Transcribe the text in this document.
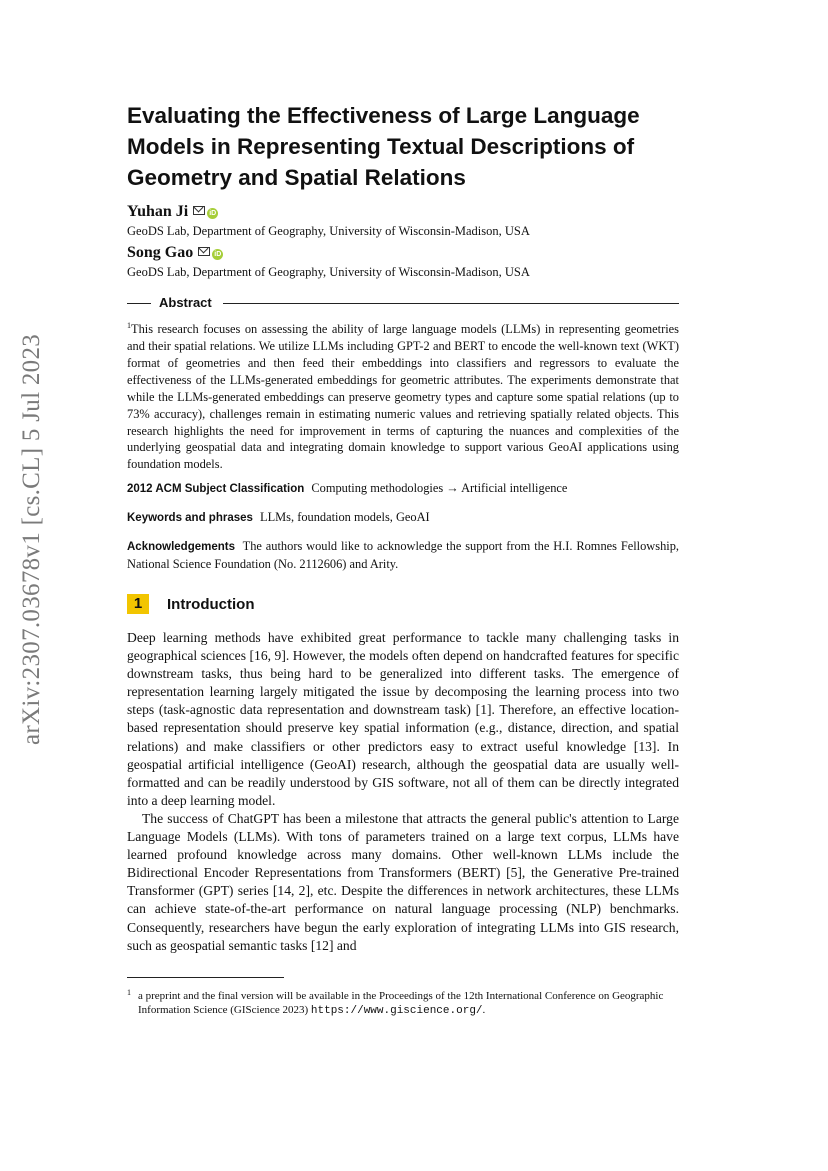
arXiv:2307.03678v1 [cs.CL] 5 Jul 2023
Evaluating the Effectiveness of Large Language Models in Representing Textual Descriptions of Geometry and Spatial Relations
Yuhan Ji	iD
GeoDS Lab, Department of Geography, University of Wisconsin-Madison, USA
Song Gao	iD
GeoDS Lab, Department of Geography, University of Wisconsin-Madison, USA
Abstract

$^1$This research focuses on assessing the ability of large language models (LLMs) in representing geometries and their spatial relations. We utilize LLMs including GPT-2 and BERT to encode the well-known text (WKT) format of geometries and then feed their embeddings into classifiers and regressors to evaluate the effectiveness of the LLMs-generated embeddings for geometric attributes. The experiments demonstrate that while the LLMs-generated embeddings can preserve geometry types and capture some spatial relations (up to 73% accuracy), challenges remain in estimating numeric values and retrieving spatially related objects. This research highlights the need for improvement in terms of capturing the nuances and complexities of the underlying geospatial data and integrating domain knowledge to support various GeoAI applications using foundation models.

2012 ACM Subject Classification Computing methodologies → Artificial intelligence

Keywords and phrases LLMs, foundation models, GeoAI

Acknowledgements The authors would like to acknowledge the support from the H.I. Romnes Fellowship, National Science Foundation (No. 2112606) and Arity.

1	Introduction

Deep learning methods have exhibited great performance to tackle many challenging tasks in geographical sciences [16, 9]. However, the models often depend on handcrafted features for specific downstream tasks, thus being hard to be generalized into different tasks. The emergence of representation learning largely mitigated the issue by decomposing the learning process into two steps (task-agnostic data representation and downstream task) [1]. Therefore, an effective location-based representation should preserve key spatial information (e.g., distance, direction, and spatial relations) and make classifiers or other predictors easy to extract useful knowledge [13]. In geospatial artificial intelligence (GeoAI) research, although the geospatial data are usually well-formatted and can be readily understood by GIS software, not all of them can be directly integrated into a deep learning model.

The success of ChatGPT has been a milestone that attracts the general public's attention to Large Language Models (LLMs). With tons of parameters trained on a large text corpus, LLMs have learned profound knowledge across many domains. Other well-known LLMs include the Bidirectional Encoder Representations from Transformers (BERT) [5], the Generative Pre-trained Transformer (GPT) series [14, 2], etc. Despite the differences in network architectures, these LLMs can achieve state-of-the-art performance on natural language processing (NLP) benchmarks. Consequently, researchers have begun the early exploration of integrating LLMs into GIS research, such as geospatial semantic tasks [12] and

1 a preprint and the final version will be available in the Proceedings of the 12th International Conference on Geographic Information Science (GIScience 2023) https://www.giscience.org/.
